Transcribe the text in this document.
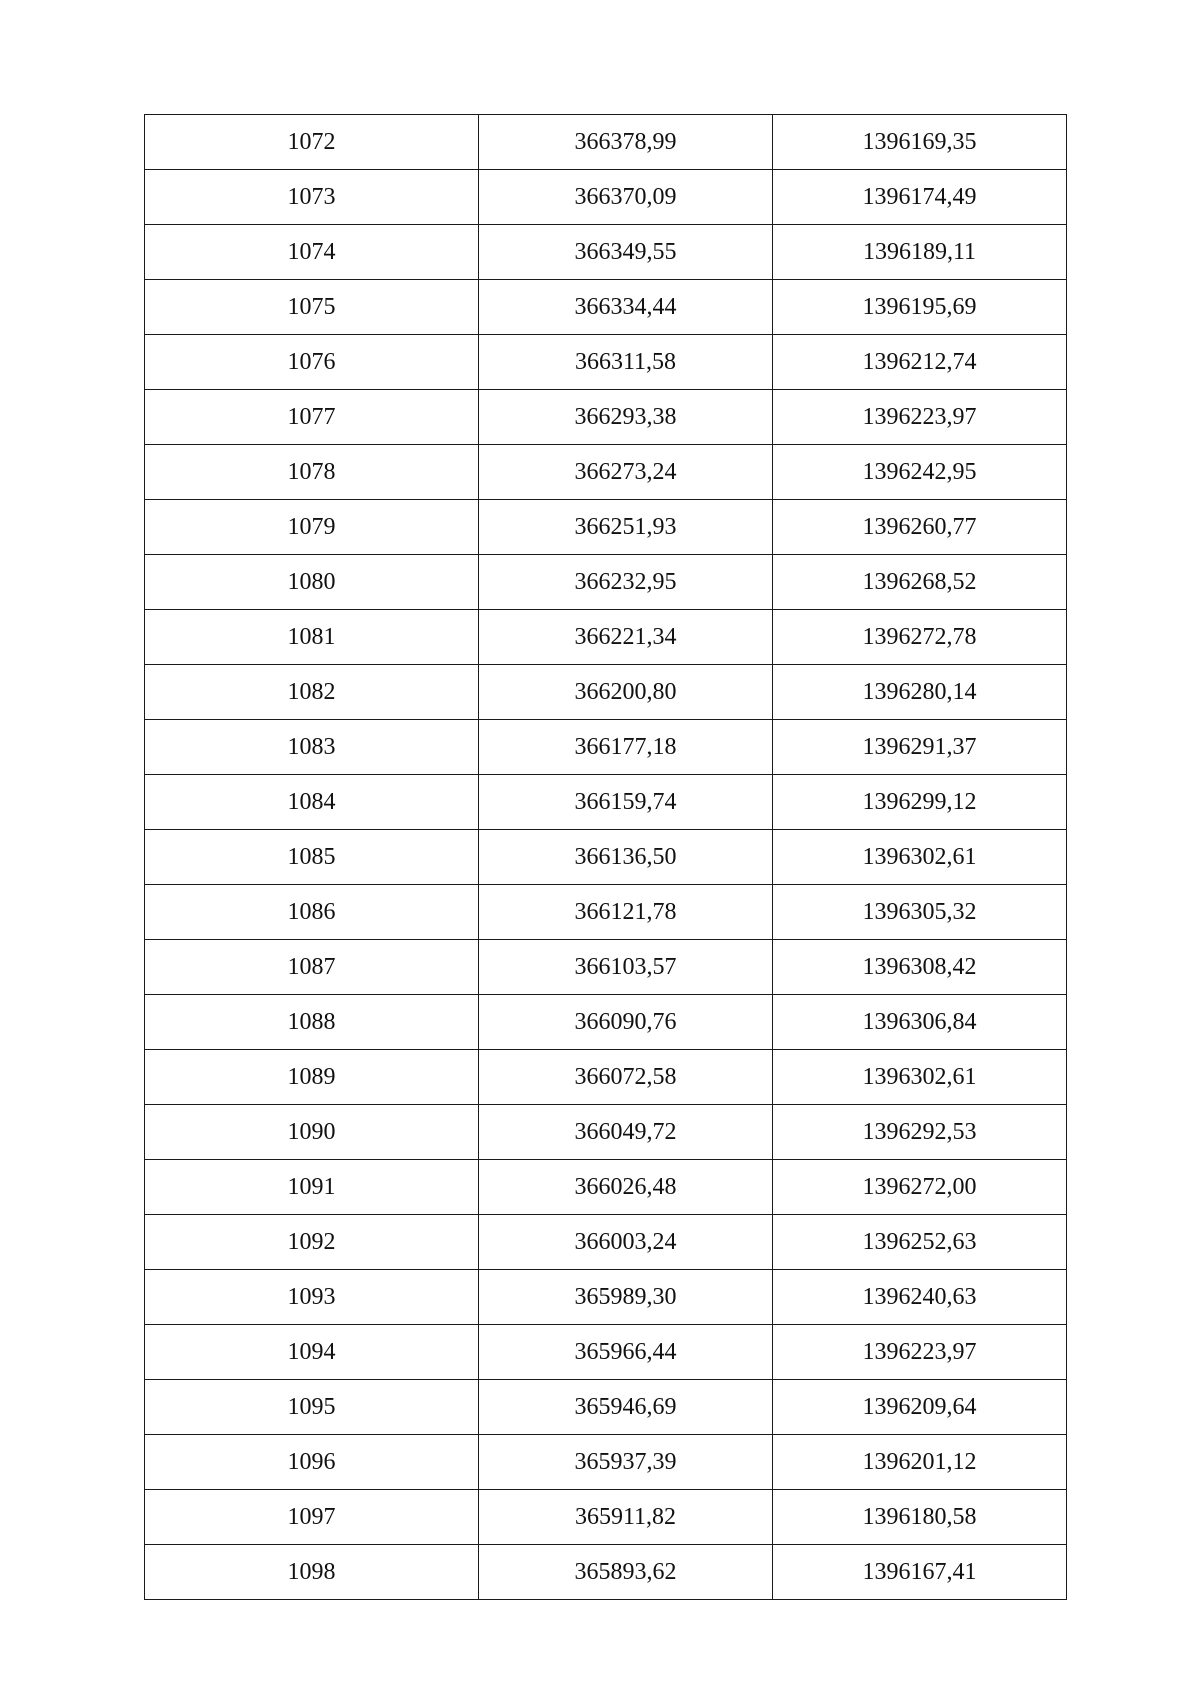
1072	366378,99	1396169,35
1073	366370,09	1396174,49
1074	366349,55	1396189,11
1075	366334,44	1396195,69
1076	366311,58	1396212,74
1077	366293,38	1396223,97
1078	366273,24	1396242,95
1079	366251,93	1396260,77
1080	366232,95	1396268,52
1081	366221,34	1396272,78
1082	366200,80	1396280,14
1083	366177,18	1396291,37
1084	366159,74	1396299,12
1085	366136,50	1396302,61
1086	366121,78	1396305,32
1087	366103,57	1396308,42
1088	366090,76	1396306,84
1089	366072,58	1396302,61
1090	366049,72	1396292,53
1091	366026,48	1396272,00
1092	366003,24	1396252,63
1093	365989,30	1396240,63
1094	365966,44	1396223,97
1095	365946,69	1396209,64
1096	365937,39	1396201,12
1097	365911,82	1396180,58
1098	365893,62	1396167,41
